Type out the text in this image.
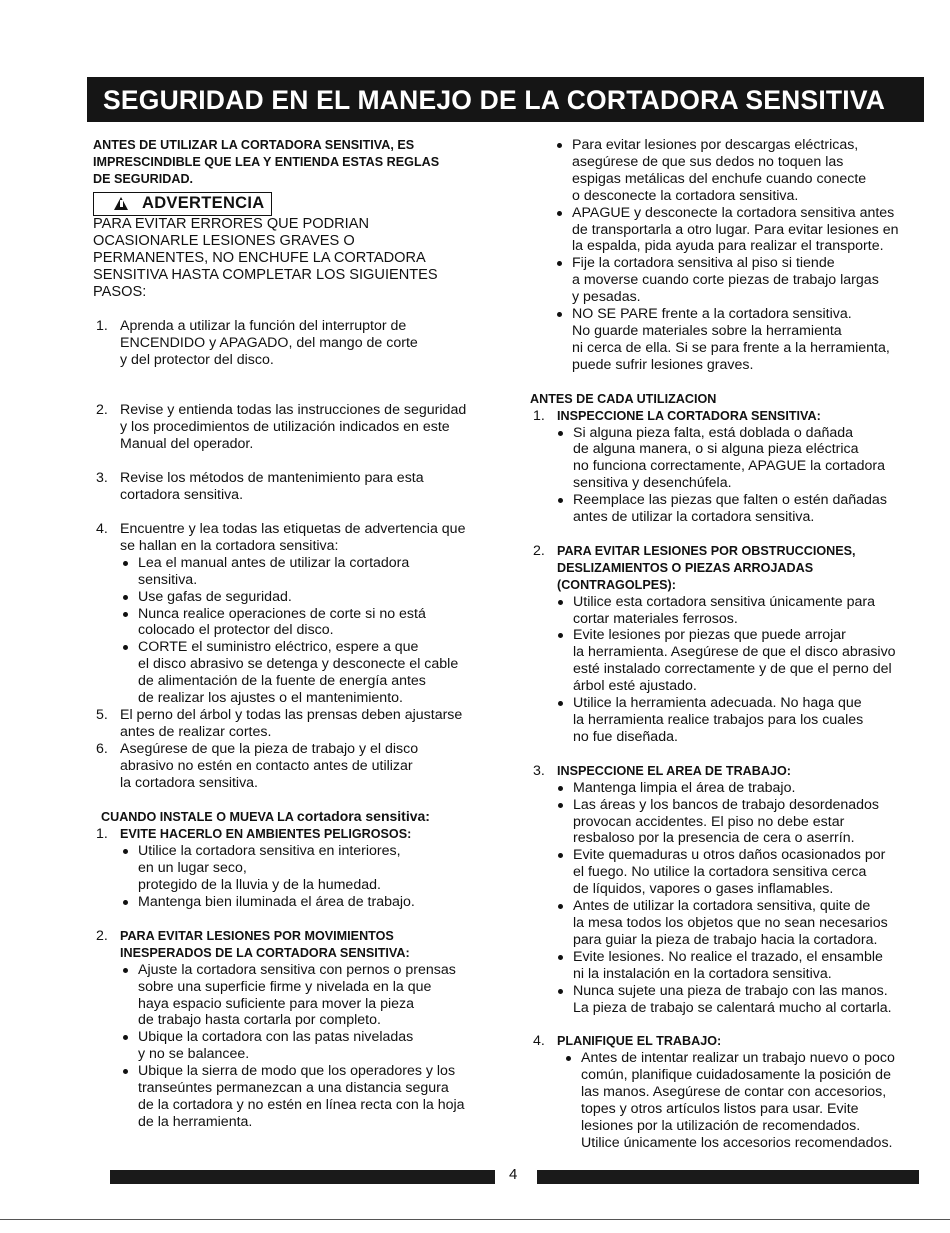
SEGURIDAD EN EL MANEJO DE LA CORTADORA SENSITIVA
ANTES DE UTILIZAR LA CORTADORA SENSITIVA, ES
IMPRESCINDIBLE QUE LEA Y ENTIENDA ESTAS REGLAS
DE SEGURIDAD.
ADVERTENCIA
PARA EVITAR ERRORES QUE PODRIAN
OCASIONARLE LESIONES GRAVES O
PERMANENTES, NO ENCHUFE LA CORTADORA
SENSITIVA HASTA COMPLETAR LOS SIGUIENTES
PASOS:
1. Aprenda a utilizar la función del interruptor de
ENCENDIDO y APAGADO, del mango de corte
y del protector del disco.
2. Revise y entienda todas las instrucciones de seguridad
y los procedimientos de utilización indicados en este
Manual del operador.
3. Revise los métodos de mantenimiento para esta
cortadora sensitiva.
4. Encuentre y lea todas las etiquetas de advertencia que
se hallan en la cortadora sensitiva:
Lea el manual antes de utilizar la cortadora
sensitiva.
Use gafas de seguridad.
Nunca realice operaciones de corte si no está
colocado el protector del disco.
CORTE el suministro eléctrico, espere a que
el disco abrasivo se detenga y desconecte el cable
de alimentación de la fuente de energía antes
de realizar los ajustes o el mantenimiento.
5. El perno del árbol y todas las prensas deben ajustarse
antes de realizar cortes.
6. Asegúrese de que la pieza de trabajo y el disco
abrasivo no estén en contacto antes de utilizar
la cortadora sensitiva.
CUANDO INSTALE O MUEVA LA cortadora sensitiva:
1. EVITE HACERLO EN AMBIENTES PELIGROSOS:
Utilice la cortadora sensitiva en interiores,
en un lugar seco,
protegido de la lluvia y de la humedad.
Mantenga bien iluminada el área de trabajo.
2. PARA EVITAR LESIONES POR MOVIMIENTOS
INESPERADOS DE LA CORTADORA SENSITIVA:
Ajuste la cortadora sensitiva con pernos o prensas
sobre una superficie firme y nivelada en la que
haya espacio suficiente para mover la pieza
de trabajo hasta cortarla por completo.
Ubique la cortadora con las patas niveladas
y no se balancee.
Ubique la sierra de modo que los operadores y los
transeúntes permanezcan a una distancia segura
de la cortadora y no estén en línea recta con la hoja
de la herramienta.
Para evitar lesiones por descargas eléctricas,
asegúrese de que sus dedos no toquen las
espigas metálicas del enchufe cuando conecte
o desconecte la cortadora sensitiva.
APAGUE y desconecte la cortadora sensitiva antes
de transportarla a otro lugar. Para evitar lesiones en
la espalda, pida ayuda para realizar el transporte.
Fije la cortadora sensitiva al piso si tiende
a moverse cuando corte piezas de trabajo largas
y pesadas.
NO SE PARE frente a la cortadora sensitiva.
No guarde materiales sobre la herramienta
ni cerca de ella. Si se para frente a la herramienta,
puede sufrir lesiones graves.
ANTES DE CADA UTILIZACION
1. INSPECCIONE LA CORTADORA SENSITIVA:
Si alguna pieza falta, está doblada o dañada
de alguna manera, o si alguna pieza eléctrica
no funciona correctamente, APAGUE la cortadora
sensitiva y desenchúfela.
Reemplace las piezas que falten o estén dañadas
antes de utilizar la cortadora sensitiva.
2. PARA EVITAR LESIONES POR OBSTRUCCIONES,
DESLIZAMIENTOS O PIEZAS ARROJADAS
(CONTRAGOLPES):
Utilice esta cortadora sensitiva únicamente para
cortar materiales ferrosos.
Evite lesiones por piezas que puede arrojar
la herramienta. Asegúrese de que el disco abrasivo
esté instalado correctamente y de que el perno del
árbol esté ajustado.
Utilice la herramienta adecuada. No haga que
la herramienta realice trabajos para los cuales
no fue diseñada.
3. INSPECCIONE EL AREA DE TRABAJO:
Mantenga limpia el área de trabajo.
Las áreas y los bancos de trabajo desordenados
provocan accidentes. El piso no debe estar
resbaloso por la presencia de cera o aserrín.
Evite quemaduras u otros daños ocasionados por
el fuego. No utilice la cortadora sensitiva cerca
de líquidos, vapores o gases inflamables.
Antes de utilizar la cortadora sensitiva, quite de
la mesa todos los objetos que no sean necesarios
para guiar la pieza de trabajo hacia la cortadora.
Evite lesiones. No realice el trazado, el ensamble
ni la instalación en la cortadora sensitiva.
Nunca sujete una pieza de trabajo con las manos.
La pieza de trabajo se calentará mucho al cortarla.
4. PLANIFIQUE EL TRABAJO:
Antes de intentar realizar un trabajo nuevo o poco
común, planifique cuidadosamente la posición de
las manos. Asegúrese de contar con accesorios,
topes y otros artículos listos para usar. Evite
lesiones por la utilización de recomendados.
Utilice únicamente los accesorios recomendados.
4
